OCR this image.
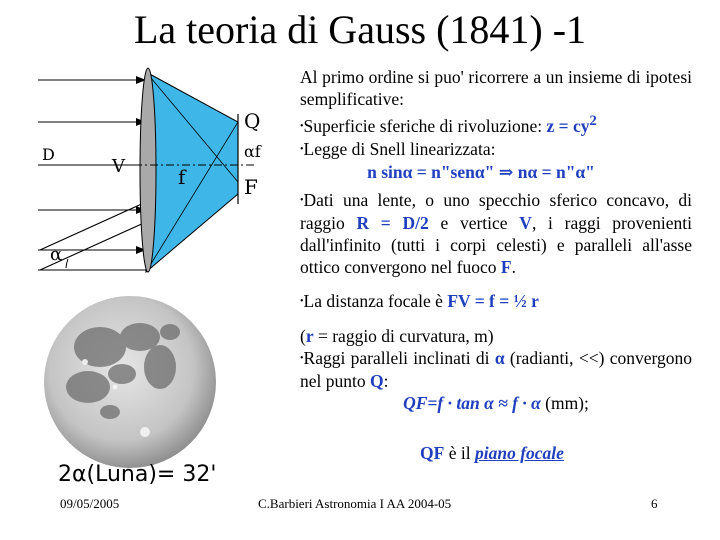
La teoria di Gauss (1841) -1
Q
αf
f	F
D
V
α
2α(Luna)= 32'

Al primo ordine si puo' ricorrere a un insieme di ipotesi semplificative:

•Superficie sferiche di rivoluzione: $z = cy^2$

•Legge di Snell linearizzata:

n sinα = n"senα" ⇒ nα = n"α"

•Dati una lente, o uno specchio sferico concavo, di raggio R = D/2 e vertice V, i raggi provenienti dall'infinito (tutti i corpi celesti) e paralleli all'asse ottico convergono nel fuoco F.

•La distanza focale è FV = f = ½ r

(r = raggio di curvatura, m)

•Raggi paralleli inclinati di α (radianti, <<) convergono nel punto Q:

QF=f · tan α ≈ f · α (mm);

QF è il piano focale

09/05/2005	C.Barbieri Astronomia I AA 2004-05	6
